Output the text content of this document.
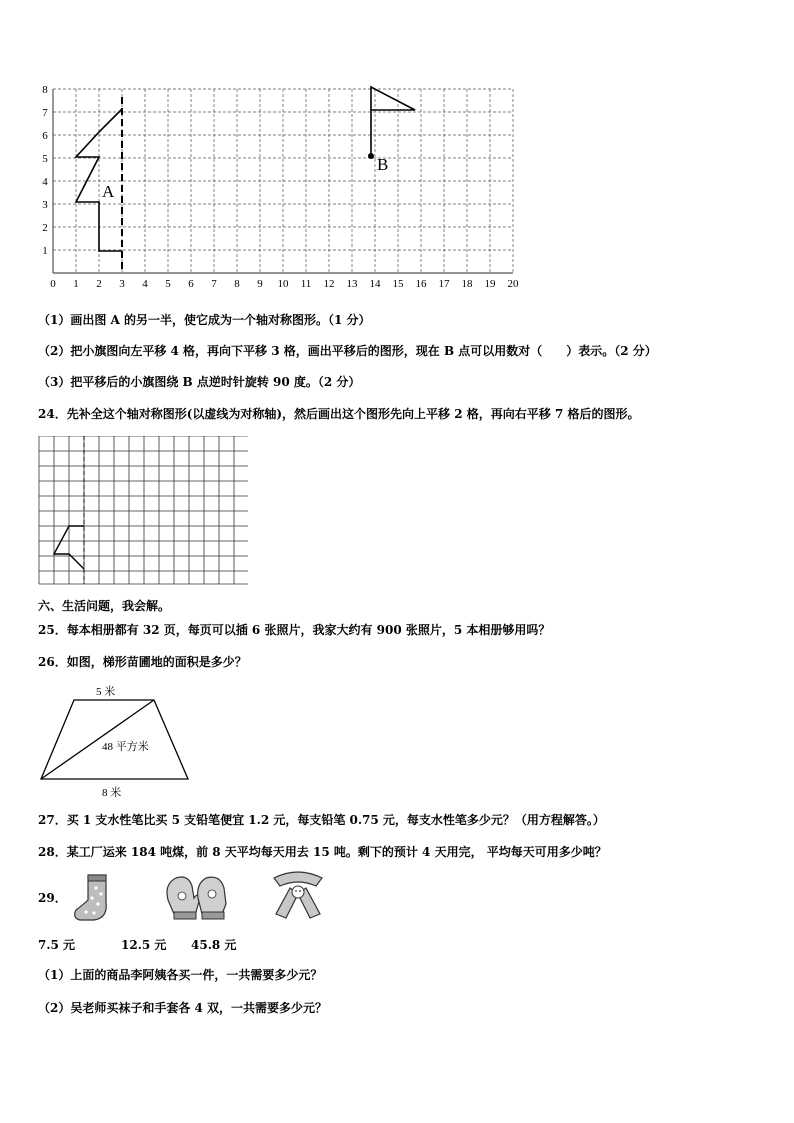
0 1 2 3 4 5 6 7 8 9 10 11 12 13 14 15 16 17 18 19 20
1
2
3
4
5
6
7
8
A
B
（1）画出图 A 的另一半，使它成为一个轴对称图形。（1 分）
（2）把小旗图向左平移 4 格，再向下平移 3 格，画出平移后的图形，现在 B 点可以用数对（　　）表示。（2 分）
（3）把平移后的小旗图绕 B 点逆时针旋转 90 度。（2 分）
24．先补全这个轴对称图形(以虚线为对称轴)，然后画出这个图形先向上平移 2 格，再向右平移 7 格后的图形。
六、生活问题，我会解。
25．每本相册都有 32 页，每页可以插 6 张照片，我家大约有 900 张照片，5 本相册够用吗？
26．如图，梯形苗圃地的面积是多少？
5 米
48 平方米
8 米
27．买 1 支水性笔比买 5 支铅笔便宜 1.2 元，每支铅笔 0.75 元，每支水性笔多少元？（用方程解答。）
28．某工厂运来 184 吨煤，前 8 天平均每天用去 15 吨。剩下的预计 4 天用完， 平均每天可用多少吨？
29．
7.5 元	12.5 元 45.8 元
（1）上面的商品李阿姨各买一件，一共需要多少元？
（2）吴老师买袜子和手套各 4 双，一共需要多少元？
